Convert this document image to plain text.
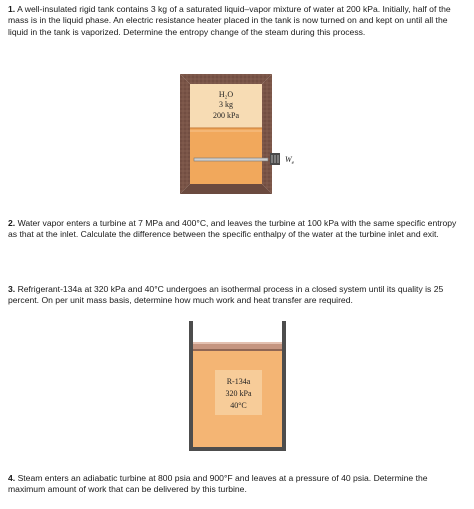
1. A well-insulated rigid tank contains 3 kg of a saturated liquid–vapor mixture of water at 200 kPa. Initially, half of the mass is in the liquid phase. An electric resistance heater placed in the tank is now turned on and kept on until all the liquid in the tank is vaporized. Determine the entropy change of the steam during this process.
H₂O
3 kg
200 kPa
$W_e$
R-134a
320 kPa
40°C
2. Water vapor enters a turbine at 7 MPa and 400°C, and leaves the turbine at 100 kPa with the same specific entropy as that at the inlet. Calculate the difference between the specific enthalpy of the water at the turbine inlet and exit.
3. Refrigerant-134a at 320 kPa and 40°C undergoes an isothermal process in a closed system until its quality is 25 percent. On per unit mass basis, determine how much work and heat transfer are required.
4. Steam enters an adiabatic turbine at 800 psia and 900°F and leaves at a pressure of 40 psia. Determine the maximum amount of work that can be delivered by this turbine.
